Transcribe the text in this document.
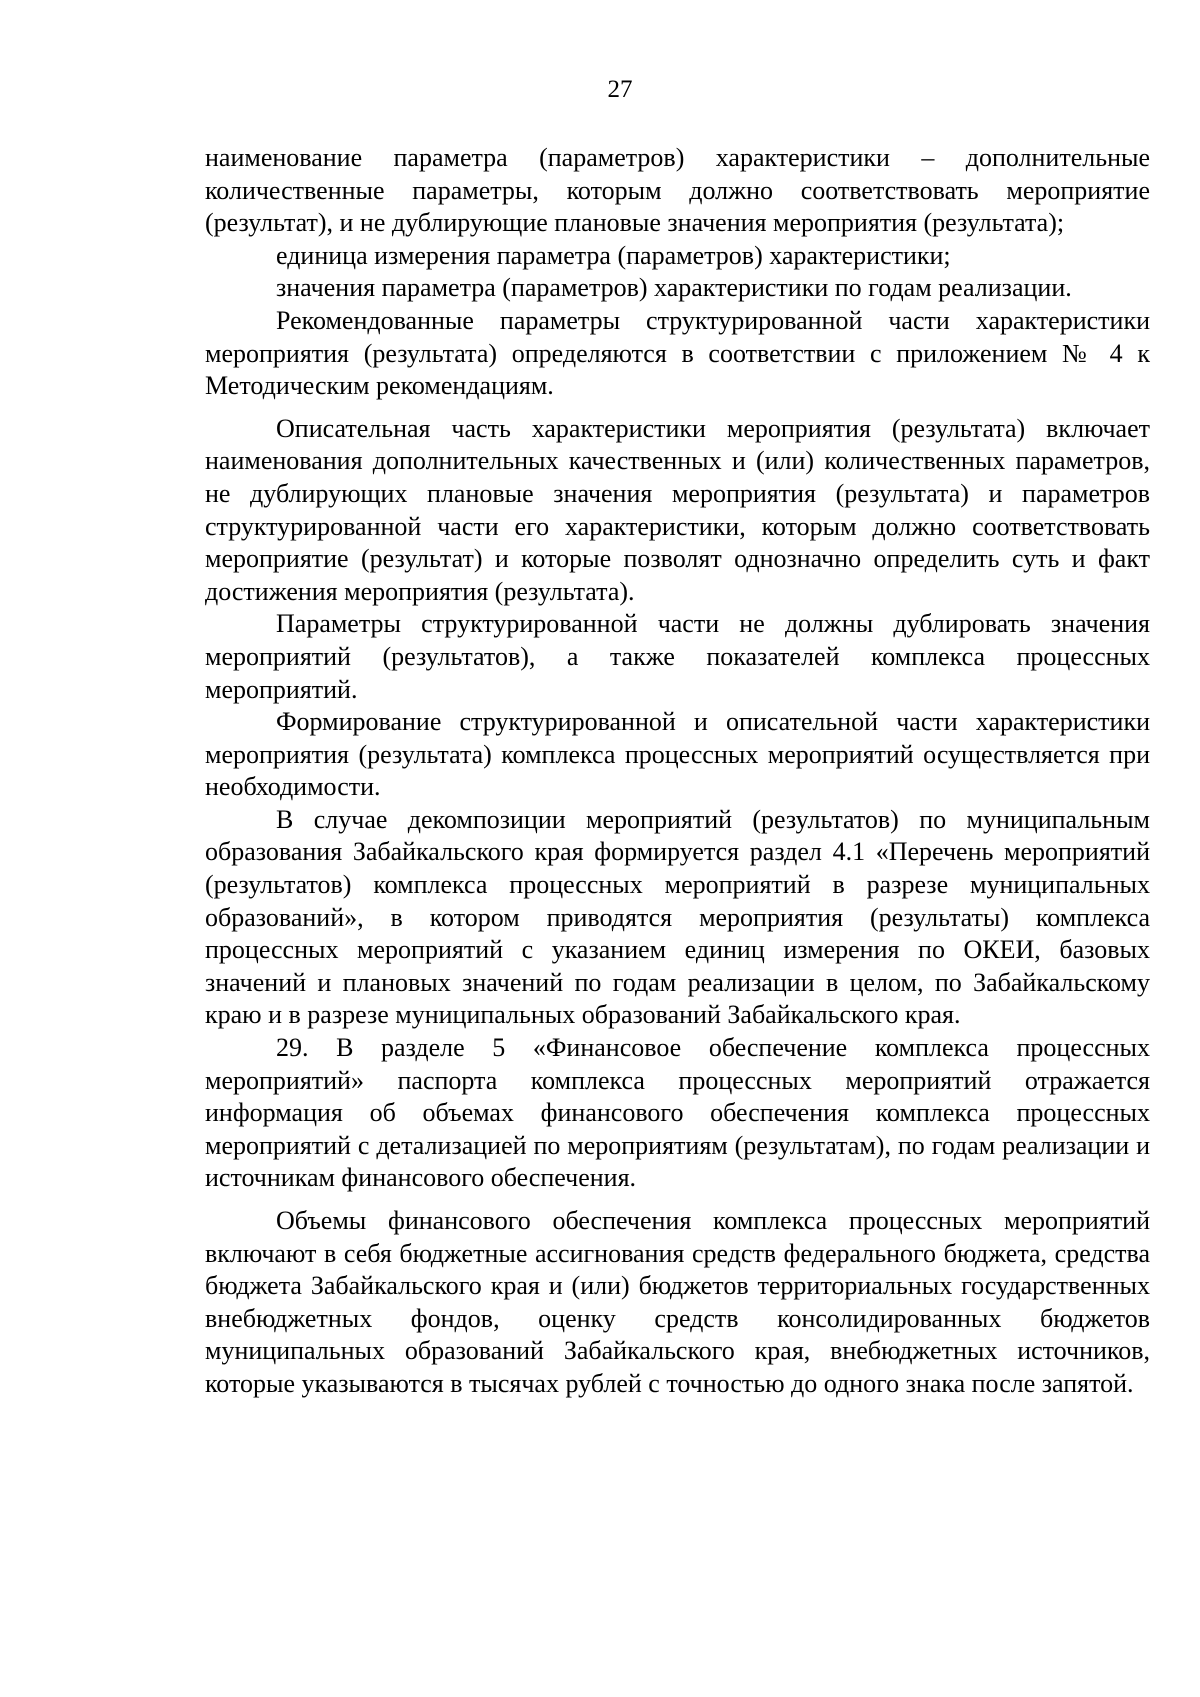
27

наименование параметра (параметров) характеристики – дополнительные количественные параметры, которым должно соответствовать мероприятие (результат), и не дублирующие плановые значения мероприятия (результата);

единица измерения параметра (параметров) характеристики;

значения параметра (параметров) характеристики по годам реализации.

Рекомендованные параметры структурированной части характеристики мероприятия (результата) определяются в соответствии с приложением № 4 к Методическим рекомендациям.

Описательная часть характеристики мероприятия (результата) включает наименования дополнительных качественных и (или) количественных параметров, не дублирующих плановые значения мероприятия (результата) и параметров структурированной части его характеристики, которым должно соответствовать мероприятие (результат) и которые позволят однозначно определить суть и факт достижения мероприятия (результата).

Параметры структурированной части не должны дублировать значения мероприятий (результатов), а также показателей комплекса процессных мероприятий.

Формирование структурированной и описательной части характеристики мероприятия (результата) комплекса процессных мероприятий осуществляется при необходимости.

В случае декомпозиции мероприятий (результатов) по муниципальным образования Забайкальского края формируется раздел 4.1 «Перечень мероприятий (результатов) комплекса процессных мероприятий в разрезе муниципальных образований», в котором приводятся мероприятия (результаты) комплекса процессных мероприятий с указанием единиц измерения по ОКЕИ, базовых значений и плановых значений по годам реализации в целом, по Забайкальскому краю и в разрезе муниципальных образований Забайкальского края.

29. В разделе 5 «Финансовое обеспечение комплекса процессных мероприятий» паспорта комплекса процессных мероприятий отражается информация об объемах финансового обеспечения комплекса процессных мероприятий с детализацией по мероприятиям (результатам), по годам реализации и источникам финансового обеспечения.

Объемы финансового обеспечения комплекса процессных мероприятий включают в себя бюджетные ассигнования средств федерального бюджета, средства бюджета Забайкальского края и (или) бюджетов территориальных государственных внебюджетных фондов, оценку средств консолидированных бюджетов муниципальных образований Забайкальского края, внебюджетных источников, которые указываются в тысячах рублей с точностью до одного знака после запятой.
